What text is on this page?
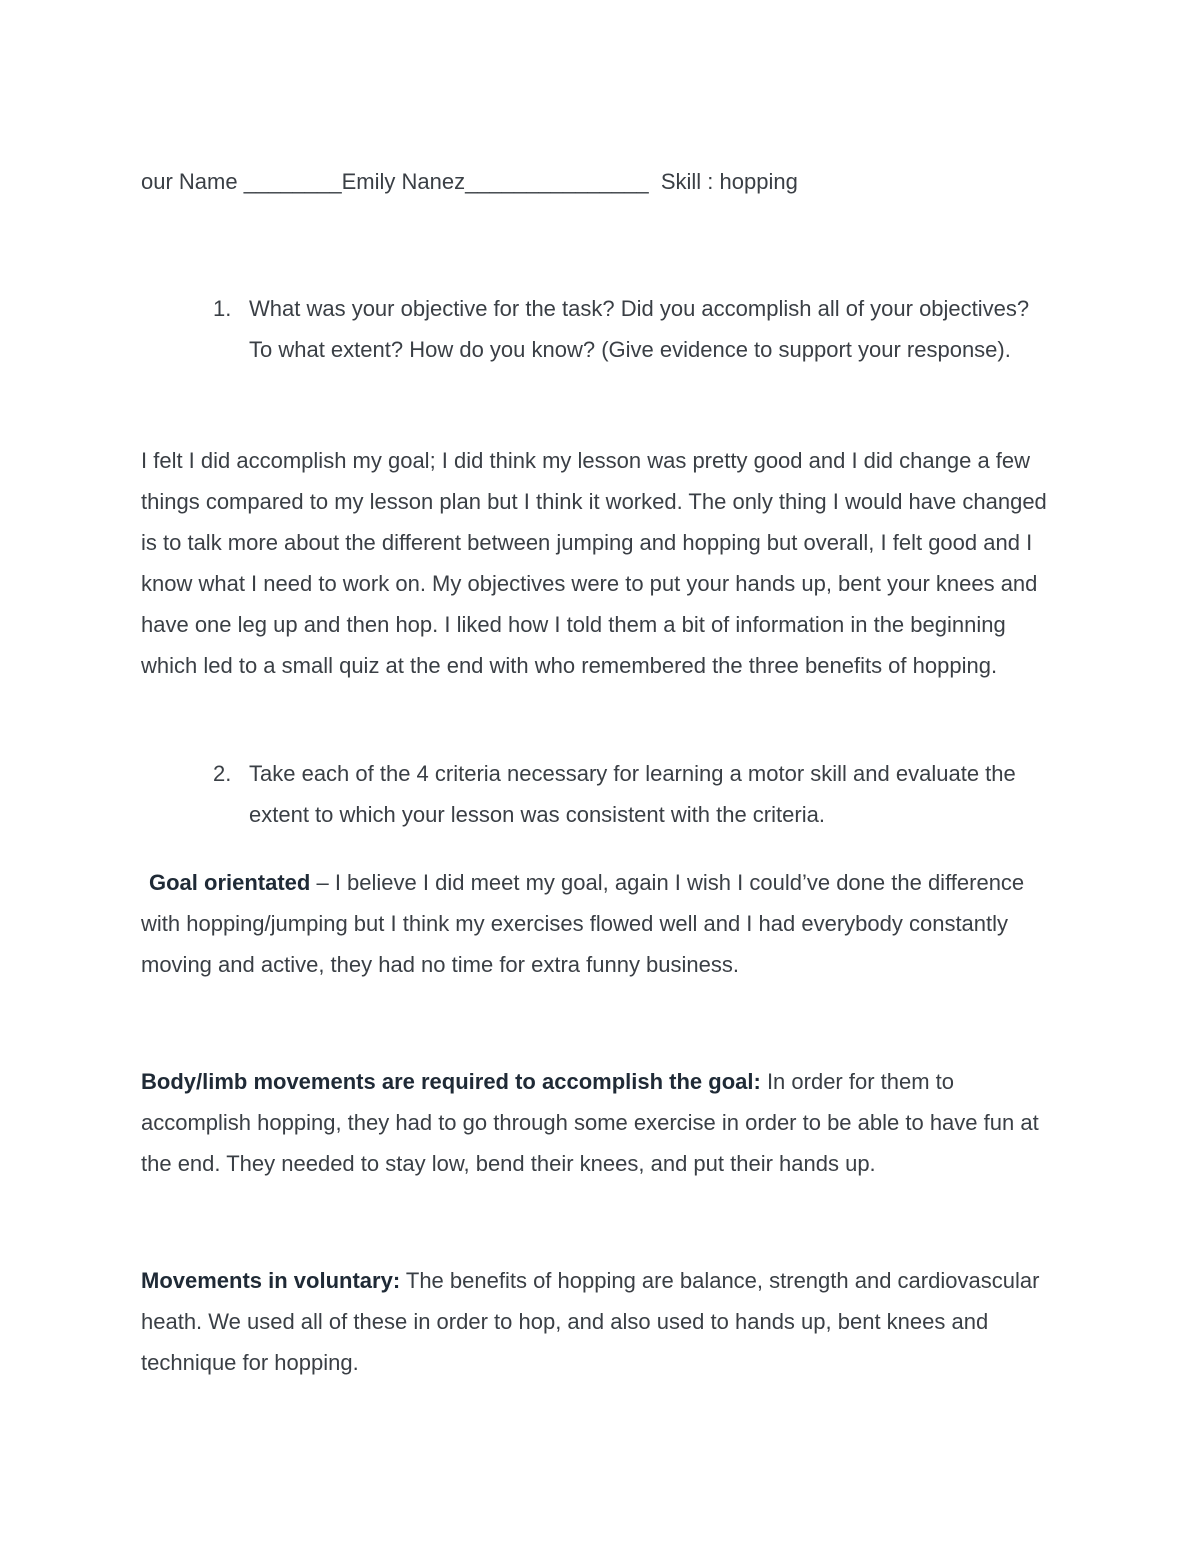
our Name ________Emily Nanez_______________  Skill : hopping
1. What was your objective for the task? Did you accomplish all of your objectives? To what extent? How do you know? (Give evidence to support your response).
I felt I did accomplish my goal; I did think my lesson was pretty good and I did change a few things compared to my lesson plan but I think it worked. The only thing I would have changed is to talk more about the different between jumping and hopping but overall, I felt good and I know what I need to work on. My objectives were to put your hands up, bent your knees and have one leg up and then hop. I liked how I told them a bit of information in the beginning which led to a small quiz at the end with who remembered the three benefits of hopping.
2. Take each of the 4 criteria necessary for learning a motor skill and evaluate the extent to which your lesson was consistent with the criteria.
Goal orientated – I believe I did meet my goal, again I wish I could’ve done the difference with hopping/jumping but I think my exercises flowed well and I had everybody constantly moving and active, they had no time for extra funny business.
Body/limb movements are required to accomplish the goal: In order for them to accomplish hopping, they had to go through some exercise in order to be able to have fun at the end. They needed to stay low, bend their knees, and put their hands up.
Movements in voluntary: The benefits of hopping are balance, strength and cardiovascular heath. We used all of these in order to hop, and also used to hands up, bent knees and technique for hopping.
